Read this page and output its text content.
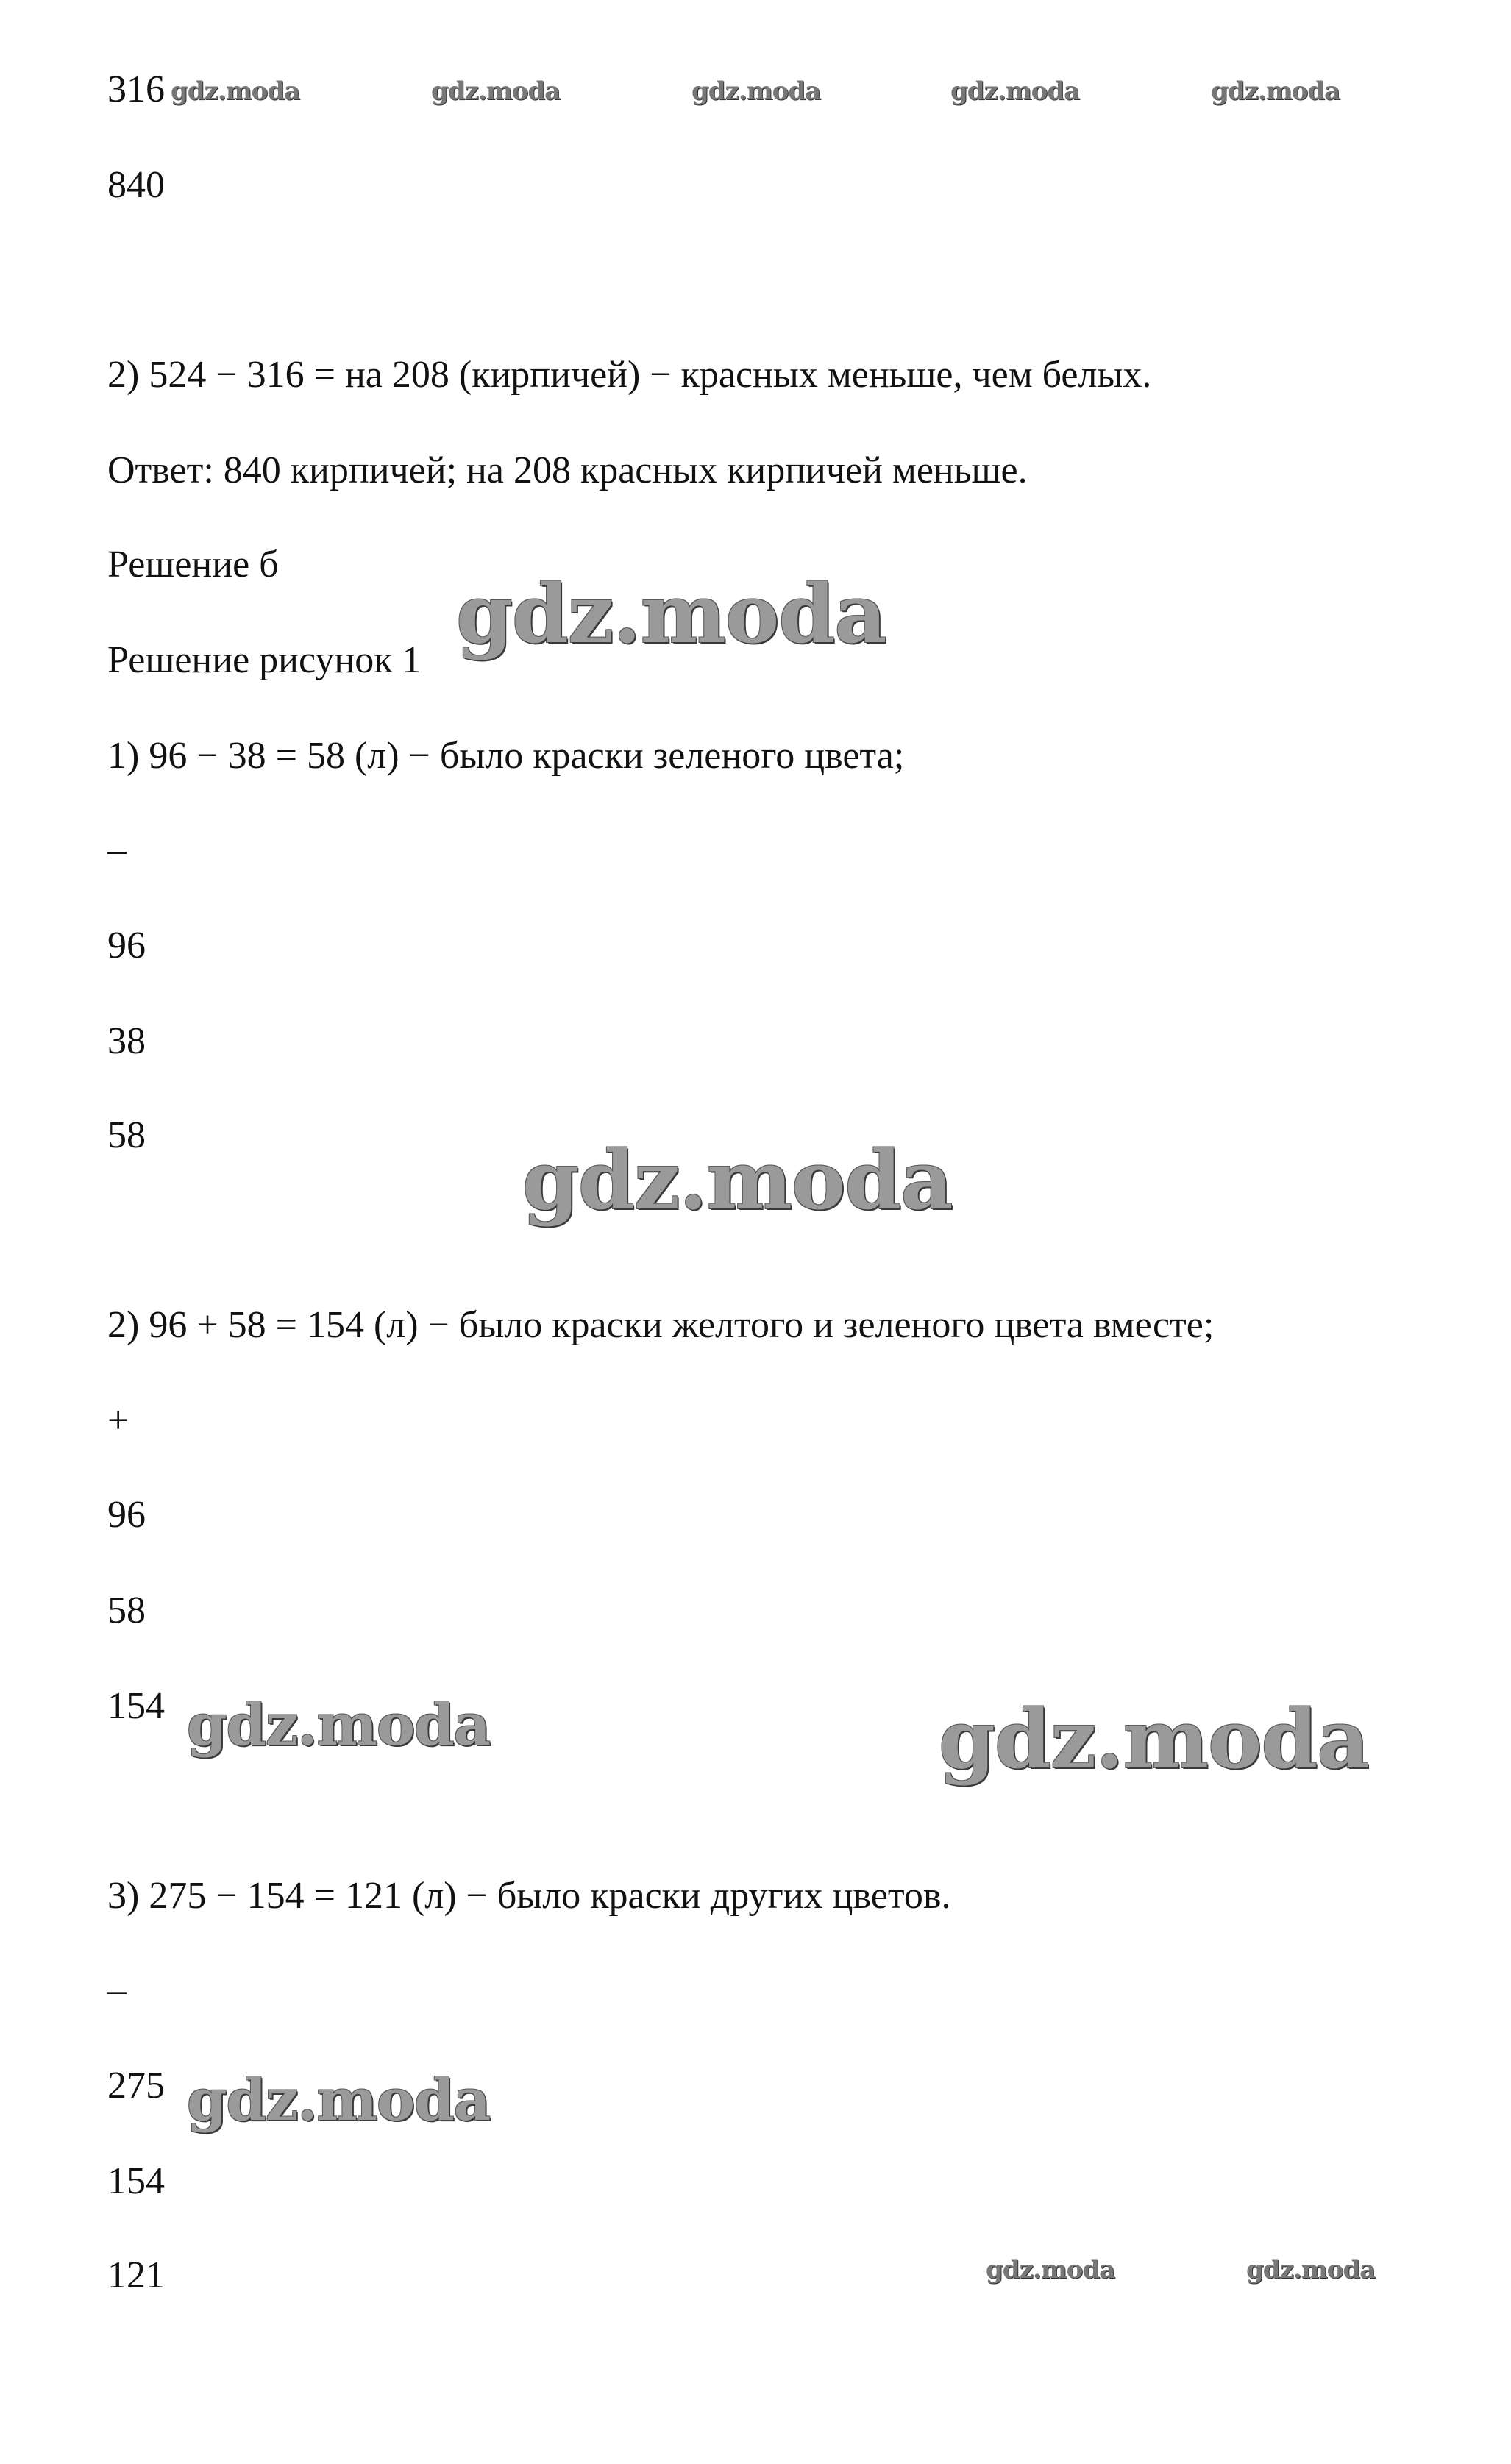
316
840
2) 524 − 316 = на 208 (кирпичей) − красных меньше, чем белых.
Ответ: 840 кирпичей; на 208 красных кирпичей меньше.
Решение б
Решение рисунок 1
1) 96 − 38 = 58 (л) − было краски зеленого цвета;
–
96
38
58
2) 96 + 58 = 154 (л) − было краски желтого и зеленого цвета вместе;
+
96
58
154
3) 275 − 154 = 121 (л) − было краски других цветов.
–
275
154
121
gdz.moda	gdz.moda	gdz.moda	gdz.moda	gdz.moda
gdz.moda
gdz.moda
gdz.moda	gdz.moda
gdz.moda
gdz.moda	gdz.moda
